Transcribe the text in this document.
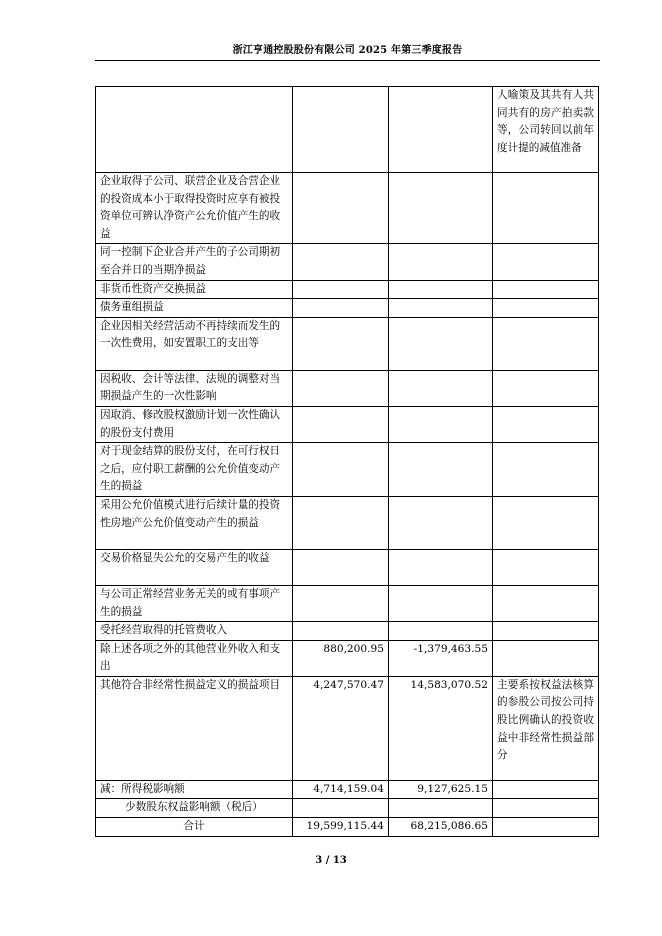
浙江亨通控股股份有限公司 2025 年第三季度报告
			人喻策及其共有人共同共有的房产拍卖款等，公司转回以前年度计提的减值准备
企业取得子公司、联营企业及合营企业的投资成本小于取得投资时应享有被投资单位可辨认净资产公允价值产生的收益			
同一控制下企业合并产生的子公司期初至合并日的当期净损益			
非货币性资产交换损益			
债务重组损益			
企业因相关经营活动不再持续而发生的一次性费用，如安置职工的支出等			
因税收、会计等法律、法规的调整对当期损益产生的一次性影响			
因取消、修改股权激励计划一次性确认的股份支付费用			
对于现金结算的股份支付，在可行权日之后，应付职工薪酬的公允价值变动产生的损益			
采用公允价值模式进行后续计量的投资性房地产公允价值变动产生的损益			
交易价格显失公允的交易产生的收益			
与公司正常经营业务无关的或有事项产生的损益			
受托经营取得的托管费收入			
除上述各项之外的其他营业外收入和支出	880,200.95	-1,379,463.55	
其他符合非经常性损益定义的损益项目	4,247,570.47	14,583,070.52	主要系按权益法核算的参股公司按公司持股比例确认的投资收益中非经常性损益部分
减：所得税影响额	4,714,159.04	9,127,625.15	
少数股东权益影响额（税后）			
合计	19,599,115.44	68,215,086.65	
3 / 13
